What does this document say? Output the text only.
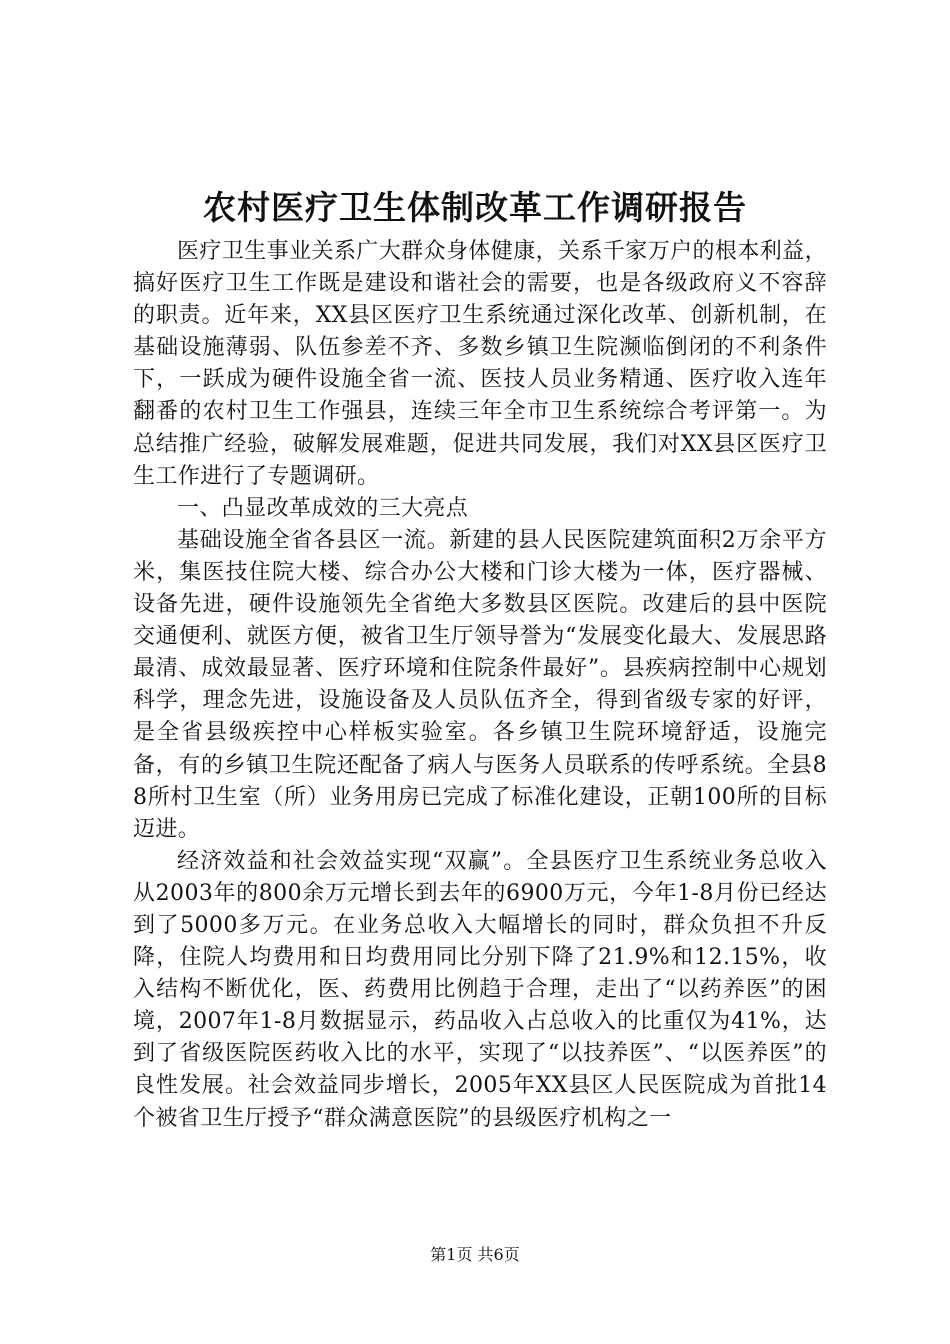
农村医疗卫生体制改革工作调研报告

医疗卫生事业关系广大群众身体健康，关系千家万户的根本利益，搞好医疗卫生工作既是建设和谐社会的需要，也是各级政府义不容辞的职责。近年来，XX县区医疗卫生系统通过深化改革、创新机制，在基础设施薄弱、队伍参差不齐、多数乡镇卫生院濒临倒闭的不利条件下，一跃成为硬件设施全省一流、医技人员业务精通、医疗收入连年翻番的农村卫生工作强县，连续三年全市卫生系统综合考评第一。为总结推广经验，破解发展难题，促进共同发展，我们对XX县区医疗卫生工作进行了专题调研。

一、凸显改革成效的三大亮点

基础设施全省各县区一流。新建的县人民医院建筑面积2万余平方米，集医技住院大楼、综合办公大楼和门诊大楼为一体，医疗器械、设备先进，硬件设施领先全省绝大多数县区医院。改建后的县中医院交通便利、就医方便，被省卫生厅领导誉为“发展变化最大、发展思路最清、成效最显著、医疗环境和住院条件最好”。县疾病控制中心规划科学，理念先进，设施设备及人员队伍齐全，得到省级专家的好评，是全省县级疾控中心样板实验室。各乡镇卫生院环境舒适，设施完备，有的乡镇卫生院还配备了病人与医务人员联系的传呼系统。全县88所村卫生室（所）业务用房已完成了标准化建设，正朝100所的目标迈进。

经济效益和社会效益实现“双赢”。全县医疗卫生系统业务总收入从2003年的800余万元增长到去年的6900万元，今年1-8月份已经达到了5000多万元。在业务总收入大幅增长的同时，群众负担不升反降，住院人均费用和日均费用同比分别下降了21.9%和12.15%，收入结构不断优化，医、药费用比例趋于合理，走出了“以药养医”的困境，2007年1-8月数据显示，药品收入占总收入的比重仅为41%，达到了省级医院医药收入比的水平，实现了“以技养医”、“以医养医”的良性发展。社会效益同步增长，2005年XX县区人民医院成为首批14个被省卫生厅授予“群众满意医院”的县级医疗机构之一

第1页 共6页
